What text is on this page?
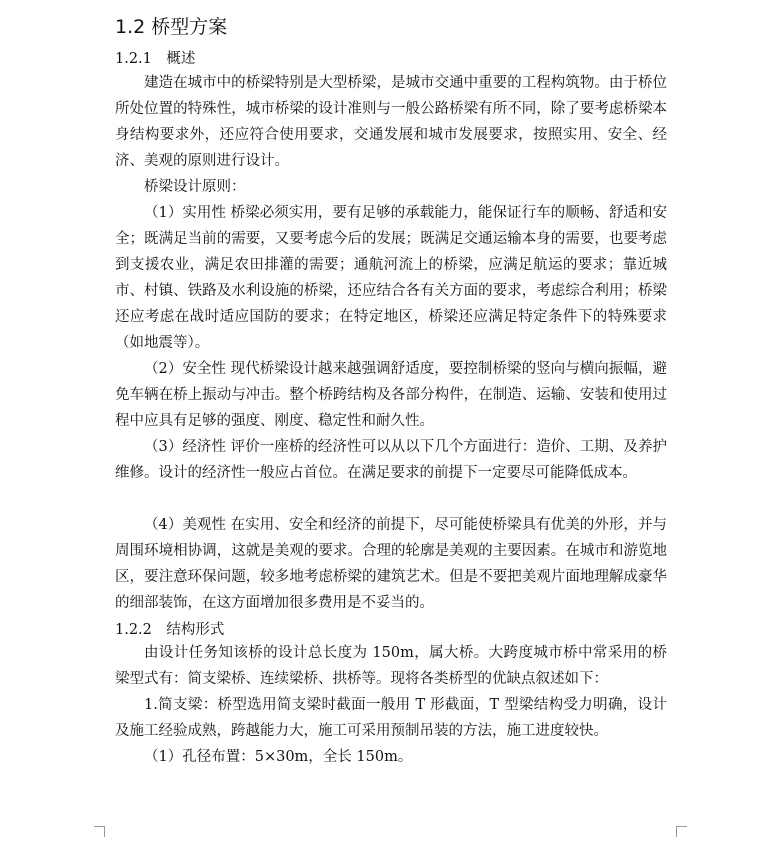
1.2 桥型方案
1.2.1　概述

建造在城市中的桥梁特别是大型桥梁，是城市交通中重要的工程构筑物。由于桥位所处位置的特殊性，城市桥梁的设计准则与一般公路桥梁有所不同，除了要考虑桥梁本身结构要求外，还应符合使用要求，交通发展和城市发展要求，按照实用、安全、经济、美观的原则进行设计。

桥梁设计原则：

（1）实用性 桥梁必须实用，要有足够的承载能力，能保证行车的顺畅、舒适和安全；既满足当前的需要，又要考虑今后的发展；既满足交通运输本身的需要，也要考虑到支援农业，满足农田排灌的需要；通航河流上的桥梁，应满足航运的要求；靠近城市、村镇、铁路及水利设施的桥梁，还应结合各有关方面的要求，考虑综合利用；桥梁还应考虑在战时适应国防的要求；在特定地区，桥梁还应满足特定条件下的特殊要求（如地震等）。

（2）安全性 现代桥梁设计越来越强调舒适度，要控制桥梁的竖向与横向振幅，避免车辆在桥上振动与冲击。整个桥跨结构及各部分构件，在制造、运输、安装和使用过程中应具有足够的强度、刚度、稳定性和耐久性。

（3）经济性 评价一座桥的经济性可以从以下几个方面进行：造价、工期、及养护维修。设计的经济性一般应占首位。在满足要求的前提下一定要尽可能降低成本。

（4）美观性 在实用、安全和经济的前提下，尽可能使桥梁具有优美的外形，并与周围环境相协调，这就是美观的要求。合理的轮廓是美观的主要因素。在城市和游览地区，要注意环保问题，较多地考虑桥梁的建筑艺术。但是不要把美观片面地理解成豪华的细部装饰，在这方面增加很多费用是不妥当的。

1.2.2　结构形式

由设计任务知该桥的设计总长度为 150m，属大桥。大跨度城市桥中常采用的桥梁型式有：简支梁桥、连续梁桥、拱桥等。现将各类桥型的优缺点叙述如下：

1.简支梁：桥型选用简支梁时截面一般用 T 形截面，T 型梁结构受力明确，设计及施工经验成熟，跨越能力大，施工可采用预制吊装的方法，施工进度较快。

（1）孔径布置：5×30m，全长 150m。
